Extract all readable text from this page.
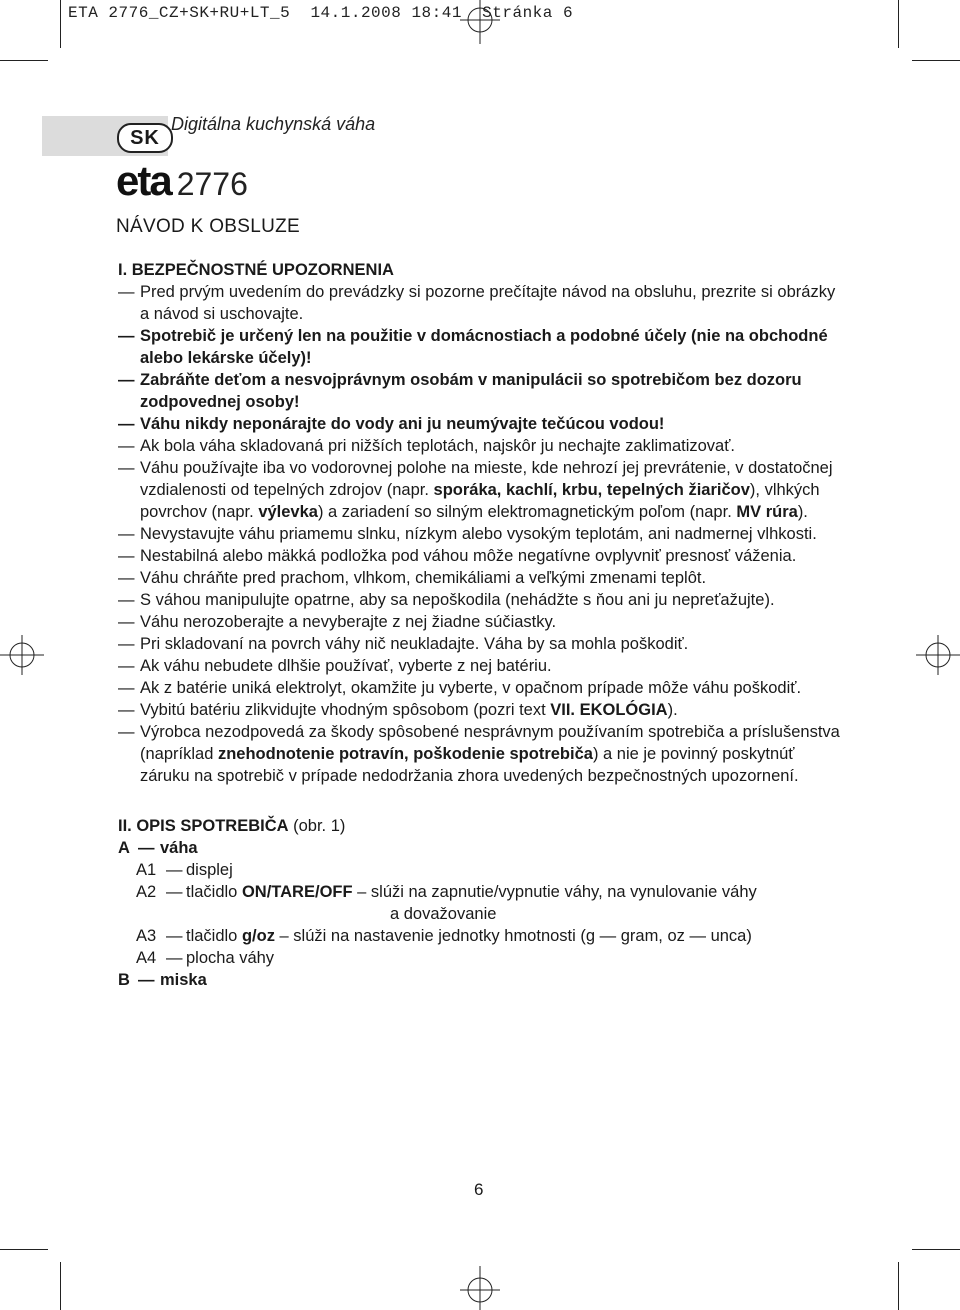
ETA 2776_CZ+SK+RU+LT_5  14.1.2008 18:41  Stránka 6
SK
Digitálna kuchynská váha
eta 2776
NÁVOD K OBSLUZE

I. BEZPEČNOSTNÉ UPOZORNENIA

— Pred prvým uvedením do prevádzky si pozorne prečítajte návod na obsluhu, prezrite si obrázky a návod si uschovajte.

— Spotrebič je určený len na použitie v domácnostiach a podobné účely (nie na obchodné alebo lekárske účely)!

— Zabráňte deťom a nesvojprávnym osobám v manipulácii so spotrebičom bez dozoru zodpovednej osoby!

— Váhu nikdy neponárajte do vody ani ju neumývajte tečúcou vodou!

— Ak bola váha skladovaná pri nižších teplotách, najskôr ju nechajte zaklimatizovať.

— Váhu používajte iba vo vodorovnej polohe na mieste, kde nehrozí jej prevrátenie, v dostatočnej vzdialenosti od tepelných zdrojov (napr. sporáka, kachlí, krbu, tepelných žiaričov), vlhkých povrchov (napr. výlevka) a zariadení so silným elektromagnetickým poľom (napr. MV rúra).

— Nevystavujte váhu priamemu slnku, nízkym alebo vysokým teplotám, ani nadmernej vlhkosti.

— Nestabilná alebo mäkká podložka pod váhou môže negatívne ovplyvniť presnosť váženia.

— Váhu chráňte pred prachom, vlhkom, chemikáliami a veľkými zmenami teplôt.

— S váhou manipulujte opatrne, aby sa nepoškodila (nehádžte s ňou ani ju nepreťažujte).

— Váhu nerozoberajte a nevyberajte z nej žiadne súčiastky.

— Pri skladovaní na povrch váhy nič neukladajte. Váha by sa mohla poškodiť.

— Ak váhu nebudete dlhšie používať, vyberte z nej batériu.

— Ak z batérie uniká elektrolyt, okamžite ju vyberte, v opačnom prípade môže váhu poškodiť.

— Vybitú batériu zlikvidujte vhodným spôsobom (pozri text VII. EKOLÓGIA).

— Výrobca nezodpovedá za škody spôsobené nesprávnym používaním spotrebiča a príslušenstva (napríklad znehodnotenie potravín, poškodenie spotrebiča) a nie je povinný poskytnúť záruku na spotrebič v prípade nedodržania zhora uvedených bezpečnostných upozornení.

II. OPIS SPOTREBIČA (obr. 1)

A — váha
A1 — displej
A2 — tlačidlo ON/TARE/OFF – slúži na zapnutie/vypnutie váhy, na vynulovanie váhy
a dovažovanie
A3 — tlačidlo g/oz – slúži na nastavenie jednotky hmotnosti (g — gram, oz — unca)
A4 — plocha váhy
B — miska
6
